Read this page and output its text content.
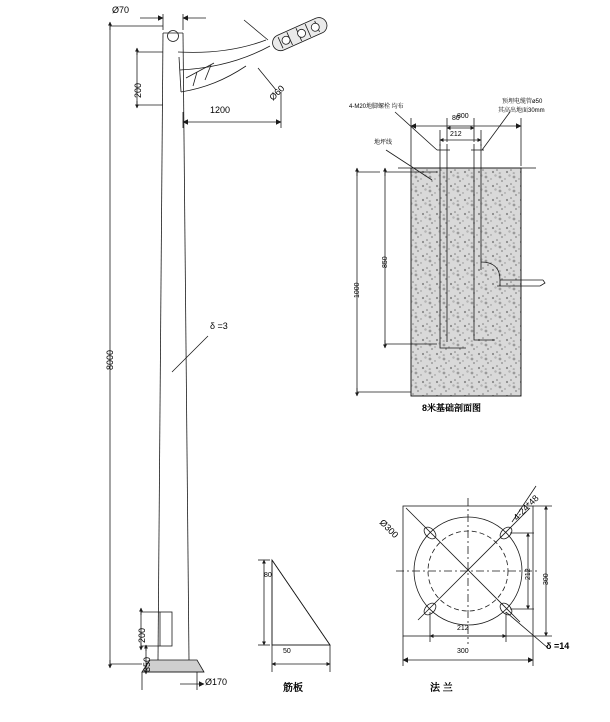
Ø70
200
1200
Ø60
8000
δ =3
200
350
Ø170
4-M20地脚螺栓 均布
预埋电缆管ø50
其高出地面30mm
地坪线
80
212
800
850
1000
8米基础剖面图
4-24*48
Ø300
212 300
212
300
δ =14
法 兰
80
50
筋板
